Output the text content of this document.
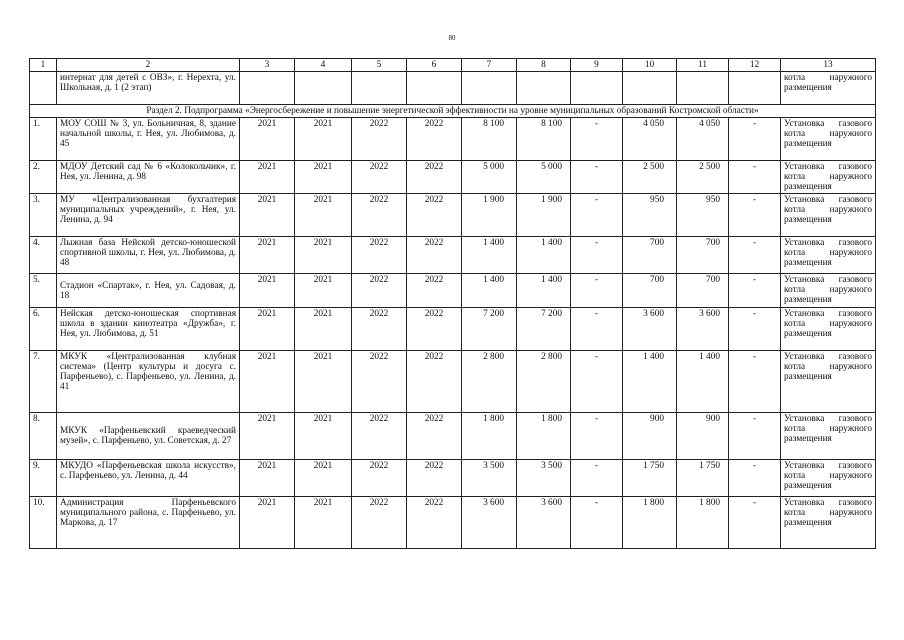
80
1	2	3	4	5	6	7	8	9	10	11	12	13
	интернат для детей с ОВЗ», г. Нерехта, ул. Школьная, д. 1 (2 этап)											котла наружного размещения
Раздел 2. Подпрограмма «Энергосбережение и повышение энергетической эффективности на уровне муниципальных образований Костромской области»												
1.	МОУ СОШ № 3, ул. Больничная, 8, здание начальной школы, г. Нея, ул. Любимова, д. 45	2021	2021	2022	2022	8 100	8 100	-	4 050	4 050	-	Установка газового котла наружного размещения
2.	МДОУ Детский сад № 6 «Колокольчик», г. Нея, ул. Ленина, д. 98	2021	2021	2022	2022	5 000	5 000	-	2 500	2 500	-	Установка газового котла наружного размещения
3.	МУ «Централизованная бухгалтерия муниципальных учреждений», г. Нея, ул. Ленина, д. 94	2021	2021	2022	2022	1 900	1 900	-	950	950	-	Установка газового котла наружного размещения
4.	Лыжная база Нейской детско-юношеской спортивной школы, г. Нея, ул. Любимова, д. 48	2021	2021	2022	2022	1 400	1 400	-	700	700	-	Установка газового котла наружного размещения
5.	Стадион «Спартак», г. Нея, ул. Садовая, д. 18	2021	2021	2022	2022	1 400	1 400	-	700	700	-	Установка газового котла наружного размещения
6.	Нейская детско-юношеская спортивная школа в здании кинотеатра «Дружба», г. Нея, ул. Любимова, д. 51	2021	2021	2022	2022	7 200	7 200	-	3 600	3 600	-	Установка газового котла наружного размещения
7.	МКУК «Централизованная клубная система» (Центр культуры и досуга с. Парфеньево), с. Парфеньево, ул. Ленина, д. 41	2021	2021	2022	2022	2 800	2 800	-	1 400	1 400	-	Установка газового котла наружного размещения
8.	МКУК «Парфеньевский краеведческий музей», с. Парфеньево, ул. Советская, д. 27	2021	2021	2022	2022	1 800	1 800	-	900	900	-	Установка газового котла наружного размещения
9.	МКУДО «Парфеньевская школа искусств», с. Парфеньево, ул. Ленина, д. 44	2021	2021	2022	2022	3 500	3 500	-	1 750	1 750	-	Установка газового котла наружного размещения
10.	Администрация Парфеньевского муниципального района, с. Парфеньево, ул. Маркова, д. 17	2021	2021	2022	2022	3 600	3 600	-	1 800	1 800	-	Установка газового котла наружного размещения
